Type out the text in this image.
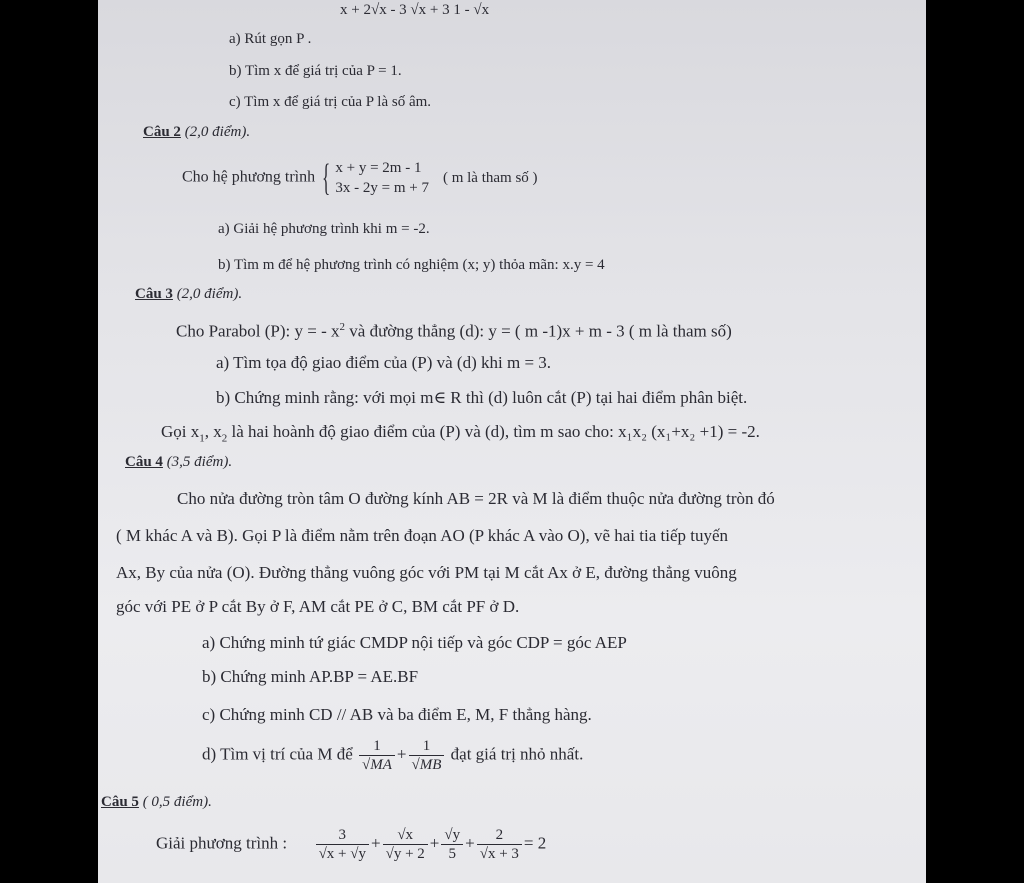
x + 2√x - 3 √x + 3 1 - √x
a) Rút gọn P .
b) Tìm x để giá trị của P = 1.
c) Tìm x để giá trị của P là số âm.
Câu 2 (2,0 điểm).
Cho hệ phương trình { x + y = 2m - 1
3x - 2y = m + 7
( m là tham số )
a) Giải hệ phương trình khi m = -2.
b) Tìm m để hệ phương trình có nghiệm (x; y) thỏa mãn: x.y = 4
Câu 3 (2,0 điểm).
Cho Parabol (P): y = - $x^2$ và đường thẳng (d): y = ( m -1)x + m - 3 ( m là tham số)
a) Tìm tọa độ giao điểm của (P) và (d) khi m = 3.
b) Chứng minh rằng: với mọi m∈ R thì (d) luôn cắt (P) tại hai điểm phân biệt.
Gọi $x_1$, $x_2$ là hai hoành độ giao điểm của (P) và (d), tìm m sao cho: x₁x₂ (x₁+x₂ +1) = -2.
Câu 4 (3,5 điểm).
Cho nửa đường tròn tâm O đường kính AB = 2R và M là điểm thuộc nửa đường tròn đó
( M khác A và B). Gọi P là điểm nằm trên đoạn AO (P khác A vào O), vẽ hai tia tiếp tuyến
Ax, By của nửa (O). Đường thẳng vuông góc với PM tại M cắt Ax ở E, đường thẳng vuông
góc với PE ở P cắt By ở F, AM cắt PE ở C, BM cắt PF ở D.
a) Chứng minh tứ giác CMDP nội tiếp và góc CDP = góc AEP
b) Chứng minh AP.BP = AE.BF
c) Chứng minh CD // AB và ba điểm E, M, F thẳng hàng.
d) Tìm vị trí của M để $\frac{1}{√MA} + \frac{1}{√MB}$ đạt giá trị nhỏ nhất.
Câu 5 ( 0,5 điểm).
Giải phương trình : $\frac{3}{√x + √y} + \frac{√x}{√y + 2} + \frac{√y}{5} + \frac{2}{√x + 3} = 2$
